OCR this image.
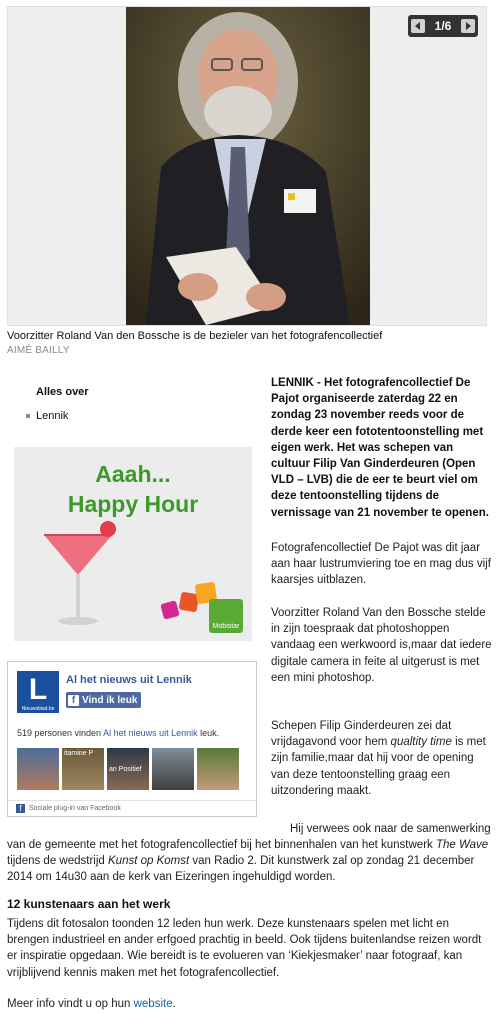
1/6
Voorzitter Roland Van den Bossche is de bezieler van het fotografencollectief
AIMÉ BAILLY
Alles over
Lennik
Aaah...
Happy Hour
Mobistar
L
Nieuwsblad.be
Al het nieuws uit Lennik
f Vind ik leuk
519 personen vinden Al het nieuws uit Lennik leuk.
itamine P
an Positief
f	Sociale plug-in van Facebook
LENNIK - Het fotografencollectief De Pajot organiseerde zaterdag 22 en zondag 23 november reeds voor de derde keer een fototentoonstelling met eigen werk. Het was schepen van cultuur Filip Van Ginderdeuren (Open VLD – LVB) die de eer te beurt viel om deze tentoonstelling tijdens de vernissage van 21 november te openen.

Fotografencollectief De Pajot was dit jaar aan haar lustrumviering toe en mag dus vijf kaarsjes uitblazen.

Voorzitter Roland Van den Bossche stelde in zijn toespraak dat photoshoppen vandaag een werkwoord is,maar dat iedere digitale camera in feite al uitgerust is met een mini photoshop.

Schepen Filip Ginderdeuren zei dat vrijdagavond voor hem qualtity time is met zijn familie,maar dat hij voor de opening van deze tentoonstelling graag een uitzondering maakt.

Hij verwees ook naar de samenwerking

van de gemeente met het fotografencollectief bij het binnenhalen van het kunstwerk The Wave tijdens de wedstrijd Kunst op Komst van Radio 2. Dit kunstwerk zal op zondag 21 december 2014 om 14u30 aan de kerk van Eizeringen ingehuldigd worden.

12 kunstenaars aan het werk

Tijdens dit fotosalon toonden 12 leden hun werk. Deze kunstenaars spelen met licht en brengen industrieel en ander erfgoed prachtig in beeld. Ook tijdens buitenlandse reizen wordt er inspiratie opgedaan. Wie bereidt is te evolueren van ‘Kiekjesmaker’ naar fotograaf, kan vrijblijvend kennis maken met het fotografencollectief.

Meer info vindt u op hun website.
